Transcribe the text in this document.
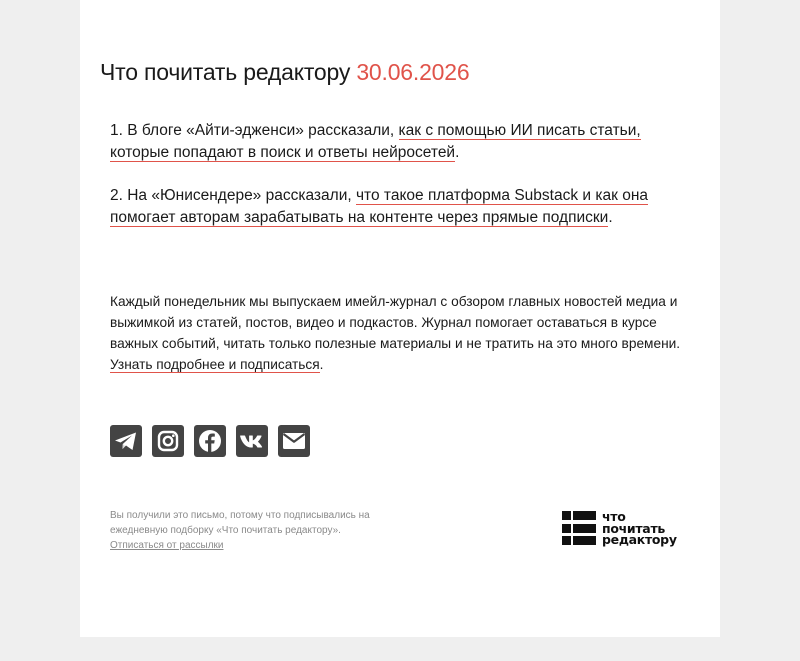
Что почитать редактору 30.06.2026

1. В блоге «Айти-эдженси» рассказали, как с помощью ИИ писать статьи, которые попадают в поиск и ответы нейросетей.

2. На «Юнисендере» рассказали, что такое платформа Substack и как она помогает авторам зарабатывать на контенте через прямые подписки.

Каждый понедельник мы выпускаем имейл-журнал с обзором главных новостей медиа и выжимкой из статей, постов, видео и подкастов. Журнал помогает оставаться в курсе важных событий, читать только полезные материалы и не тратить на это много времени. Узнать подробнее и подписаться.

Вы получили это письмо, потому что подписывались на ежедневную подборку «Что почитать редактору».
Отписаться от рассылки

что
почитать
редактору
